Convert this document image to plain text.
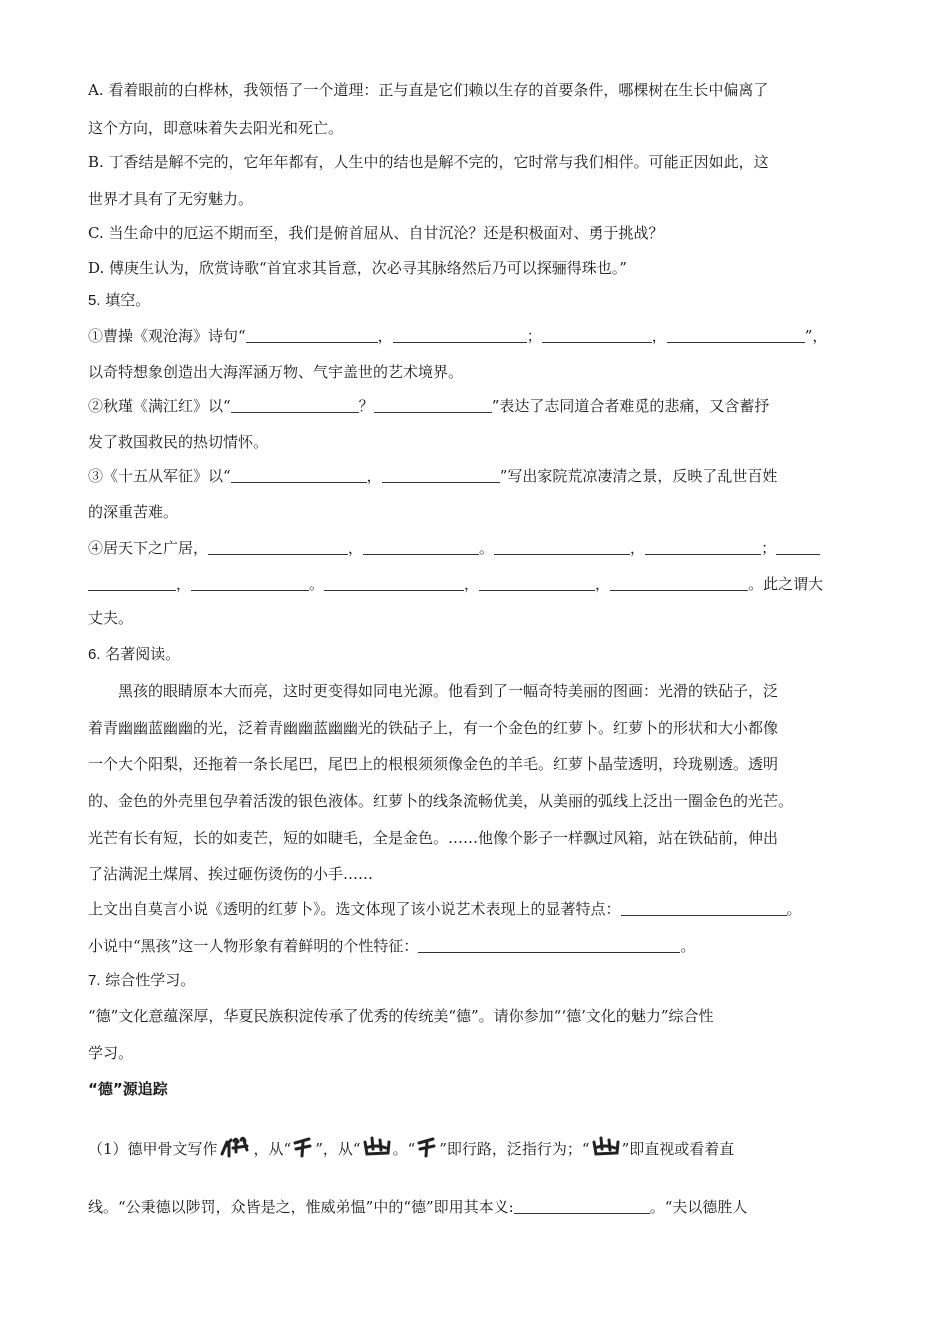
A. 看着眼前的白桦林，我领悟了一个道理：正与直是它们赖以生存的首要条件，哪棵树在生长中偏离了
这个方向，即意味着失去阳光和死亡。
B. 丁香结是解不完的，它年年都有，人生中的结也是解不完的，它时常与我们相伴。可能正因如此，这
世界才具有了无穷魅力。
C. 当生命中的厄运不期而至，我们是俯首屈从、自甘沉沦？还是积极面对、勇于挑战？
D. 傅庚生认为，欣赏诗歌“首宜求其旨意，次必寻其脉络然后乃可以探骊得珠也。”
5. 填空。
①曹操《观沧海》诗句“	，	；	，	”，
以奇特想象创造出大海浑涵万物、气宇盖世的艺术境界。
②秋瑾《满江红》以“	？	”表达了志同道合者难觅的悲痛，又含蓄抒
发了救国救民的热切情怀。
③《十五从军征》以“	，	”写出家院荒凉凄清之景，反映了乱世百姓
的深重苦难。
④居天下之广居，	，	。	，	；
，	。	，	，	。此之谓大
丈夫。
6. 名著阅读。
黑孩的眼睛原本大而亮，这时更变得如同电光源。他看到了一幅奇特美丽的图画：光滑的铁砧子，泛
着青幽幽蓝幽幽的光，泛着青幽幽蓝幽幽光的铁砧子上，有一个金色的红萝卜。红萝卜的形状和大小都像
一个大个阳梨，还拖着一条长尾巴，尾巴上的根根须须像金色的羊毛。红萝卜晶莹透明，玲珑剔透。透明
的、金色的外壳里包孕着活泼的银色液体。红萝卜的线条流畅优美，从美丽的弧线上泛出一圈金色的光芒。
光芒有长有短，长的如麦芒，短的如睫毛，全是金色。……他像个影子一样飘过风箱，站在铁砧前，伸出
了沾满泥土煤屑、挨过砸伤烫伤的小手……
上文出自莫言小说《透明的红萝卜》。选文体现了该小说艺术表现上的显著特点：	。
小说中“黑孩”这一人物形象有着鲜明的个性特征：	。
7. 综合性学习。
“德”文化意蕴深厚，华夏民族积淀传承了优秀的传统美“德”。请你参加“‘德’文化的魅力”综合性
学习。
“德”源追踪
（1）德甲骨文写作 ，从“ ”，从“ 。“ ”即行路，泛指行为；“ ”即直视或看着直
线。“公秉德以陟罚，众皆是之，惟威弟愠”中的“德”即用其本义:	。“夫以德胜人
